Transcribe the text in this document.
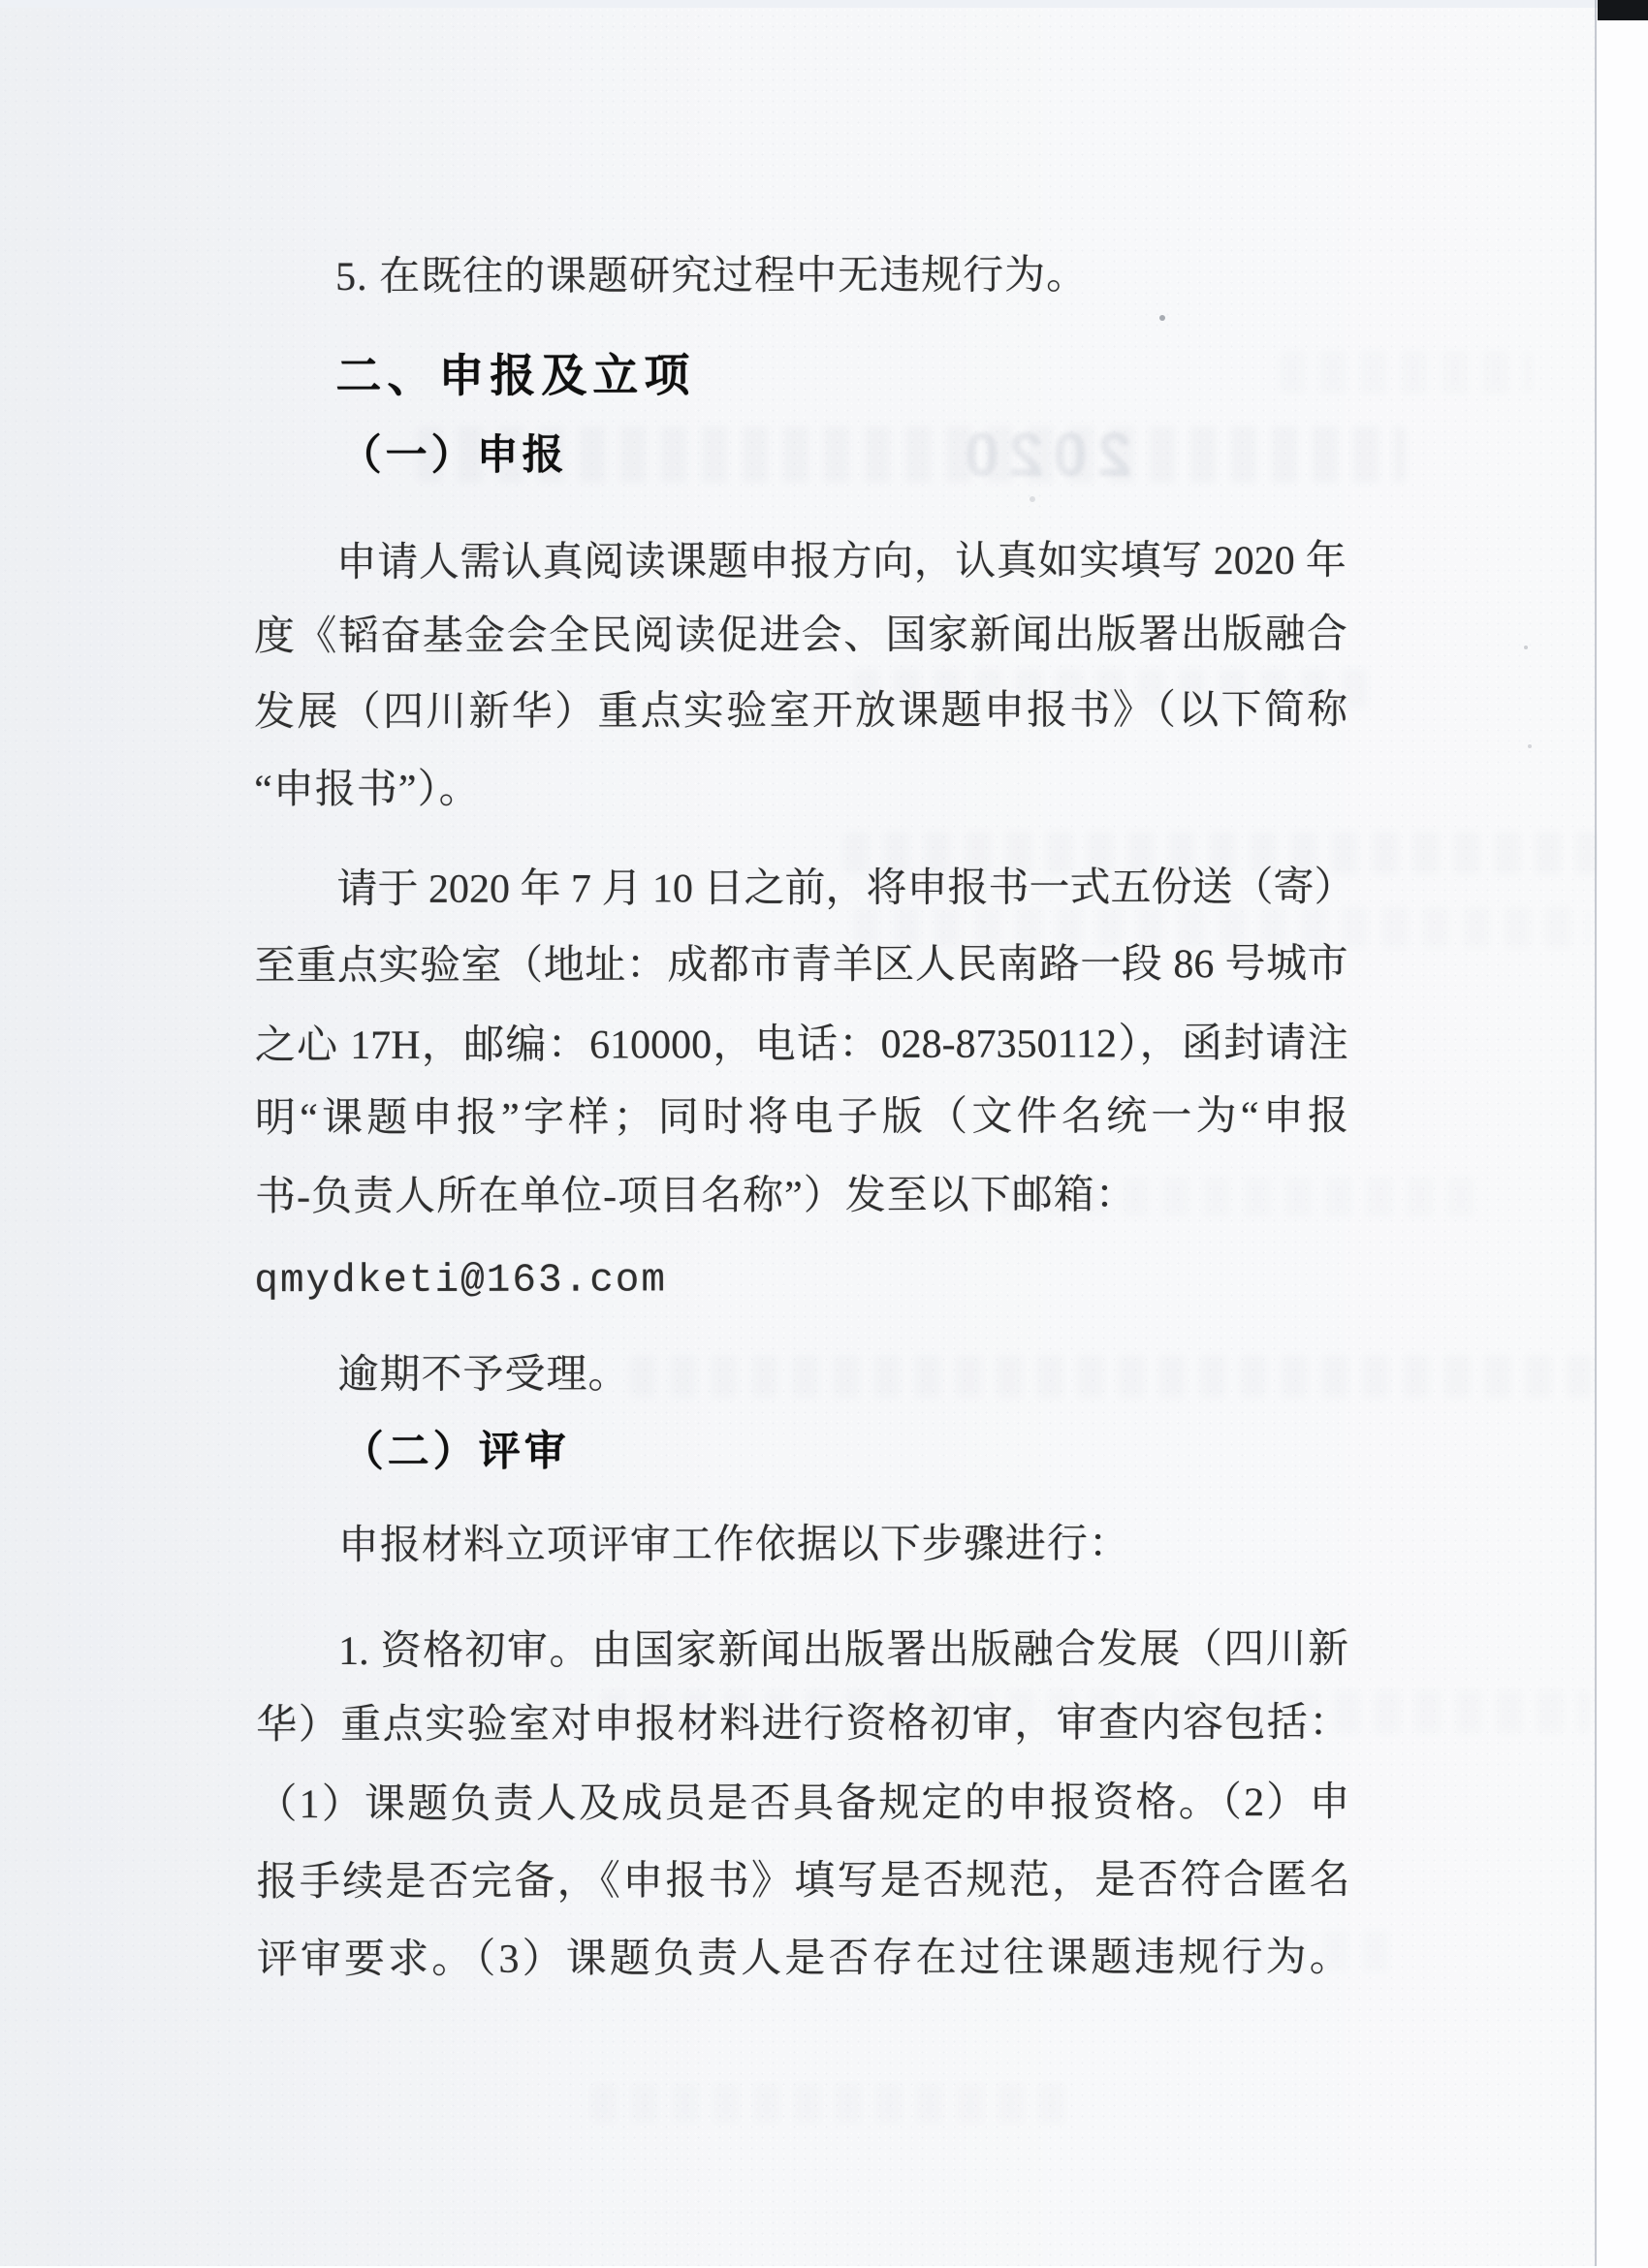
2020
5. 在既往的课题研究过程中无违规行为。
二、申报及立项
（一）申报
申请人需认真阅读课题申报方向，认真如实填写 2020 年
度《韬奋基金会全民阅读促进会、国家新闻出版署出版融合
发展（四川新华）重点实验室开放课题申报书》（以下简称
“申报书”）。
请于 2020 年 7 月 10 日之前，将申报书一式五份送（寄）
至重点实验室（地址：成都市青羊区人民南路一段 86 号城市
之心 17H，邮编：610000，电话：028-87350112），函封请注
明“课题申报”字样；同时将电子版（文件名统一为“申报
书-负责人所在单位-项目名称”）发至以下邮箱：
qmydketi@163.com
逾期不予受理。
（二）评审
申报材料立项评审工作依据以下步骤进行：
1. 资格初审。由国家新闻出版署出版融合发展（四川新
华）重点实验室对申报材料进行资格初审，审查内容包括：
（1）课题负责人及成员是否具备规定的申报资格。（2）申
报手续是否完备，《申报书》填写是否规范，是否符合匿名
评审要求。（3）课题负责人是否存在过往课题违规行为。
